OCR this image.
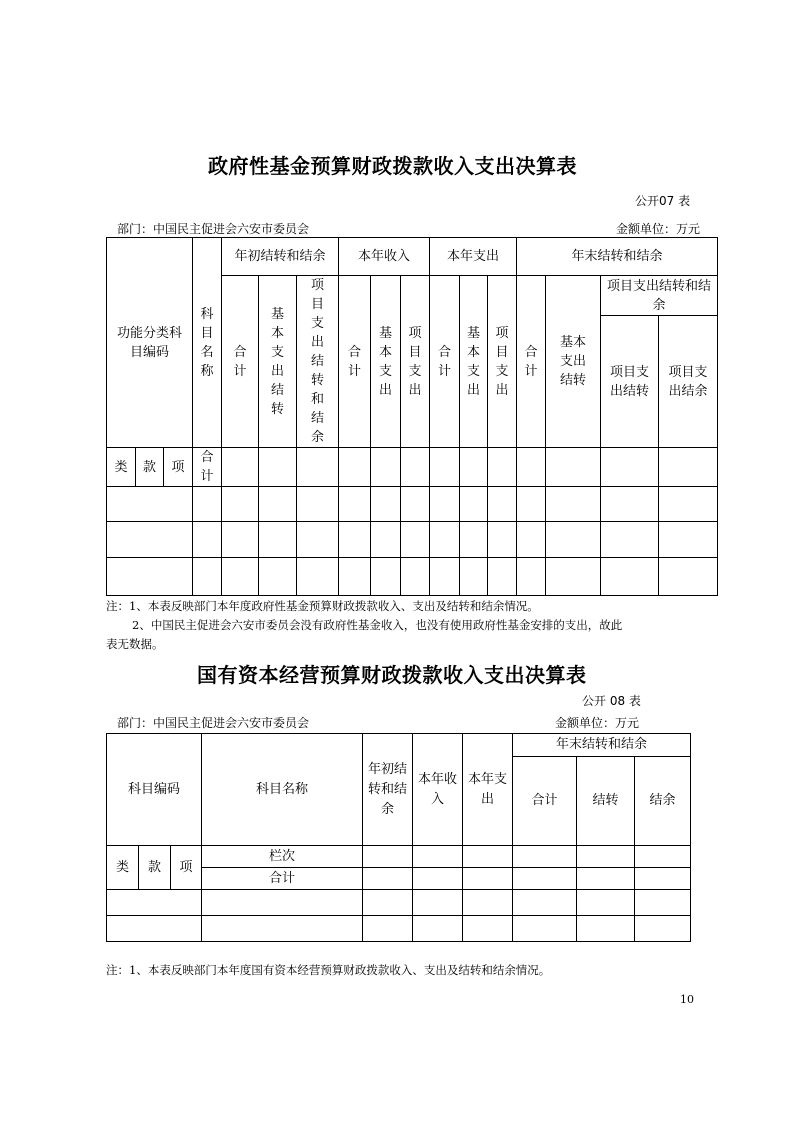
政府性基金预算财政拨款收入支出决算表
公开07 表
部门：中国民主促进会六安市委员会	金额单位：万元
功能分类科目编码			科目名称	年初结转和结余			本年收入			本年支出			年末结转和结余			

				合计	基本支出结转	项目支出结转和结余	合计	基本支出	项目支出	合计	基本支出	项目支出	合计	基本支出结转	项目支出结转和结余	

															项目支出结转	项目支出结余

类	款	项	合计													

注：1、本表反映部门本年度政府性基金预算财政拨款收入、支出及结转和结余情况。
2、中国民主促进会六安市委员会没有政府性基金收入，也没有使用政府性基金安排的支出，故此
表无数据。
国有资本经营预算财政拨款收入支出决算表
公开 08 表
部门：中国民主促进会六安市委员会	金额单位：万元
科目编码			科目名称	年初结转和结余	本年收入	本年支出	年末结转和结余		
							合计	结转	结余
类	款	项	栏次						
			合计						

注：1、本表反映部门本年度国有资本经营预算财政拨款收入、支出及结转和结余情况。
10
